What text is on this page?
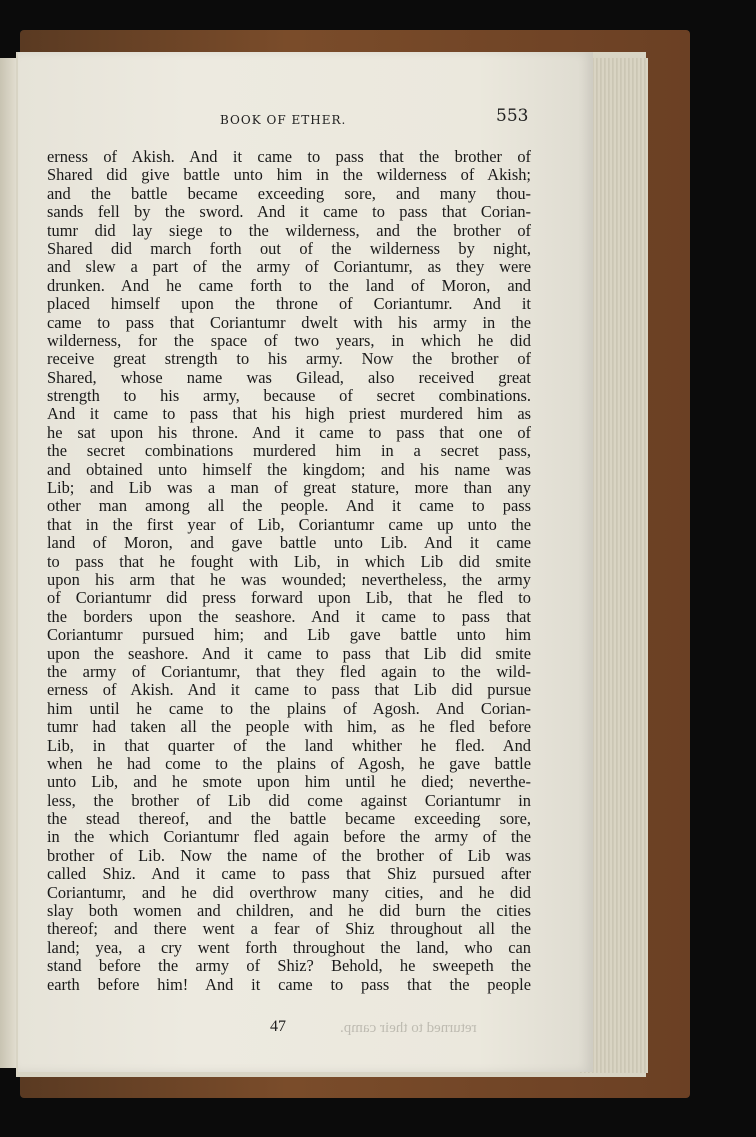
BOOK OF ETHER.	553
erness of Akish. And it came to pass that the brother of
Shared did give battle unto him in the wilderness of Akish;
and the battle became exceeding sore, and many thou-
sands fell by the sword. And it came to pass that Corian-
tumr did lay siege to the wilderness, and the brother of
Shared did march forth out of the wilderness by night,
and slew a part of the army of Coriantumr, as they were
drunken. And he came forth to the land of Moron, and
placed himself upon the throne of Coriantumr. And it
came to pass that Coriantumr dwelt with his army in the
wilderness, for the space of two years, in which he did
receive great strength to his army. Now the brother of
Shared, whose name was Gilead, also received great
strength to his army, because of secret combinations.
And it came to pass that his high priest murdered him as
he sat upon his throne. And it came to pass that one of
the secret combinations murdered him in a secret pass,
and obtained unto himself the kingdom; and his name was
Lib; and Lib was a man of great stature, more than any
other man among all the people. And it came to pass
that in the first year of Lib, Coriantumr came up unto the
land of Moron, and gave battle unto Lib. And it came
to pass that he fought with Lib, in which Lib did smite
upon his arm that he was wounded; nevertheless, the army
of Coriantumr did press forward upon Lib, that he fled to
the borders upon the seashore. And it came to pass that
Coriantumr pursued him; and Lib gave battle unto him
upon the seashore. And it came to pass that Lib did smite
the army of Coriantumr, that they fled again to the wild-
erness of Akish. And it came to pass that Lib did pursue
him until he came to the plains of Agosh. And Corian-
tumr had taken all the people with him, as he fled before
Lib, in that quarter of the land whither he fled. And
when he had come to the plains of Agosh, he gave battle
unto Lib, and he smote upon him until he died; neverthe-
less, the brother of Lib did come against Coriantumr in
the stead thereof, and the battle became exceeding sore,
in the which Coriantumr fled again before the army of the
brother of Lib. Now the name of the brother of Lib was
called Shiz. And it came to pass that Shiz pursued after
Coriantumr, and he did overthrow many cities, and he did
slay both women and children, and he did burn the cities
thereof; and there went a fear of Shiz throughout all the
land; yea, a cry went forth throughout the land, who can
stand before the army of Shiz? Behold, he sweepeth the
earth before him! And it came to pass that the people
47	returned to their camp.
